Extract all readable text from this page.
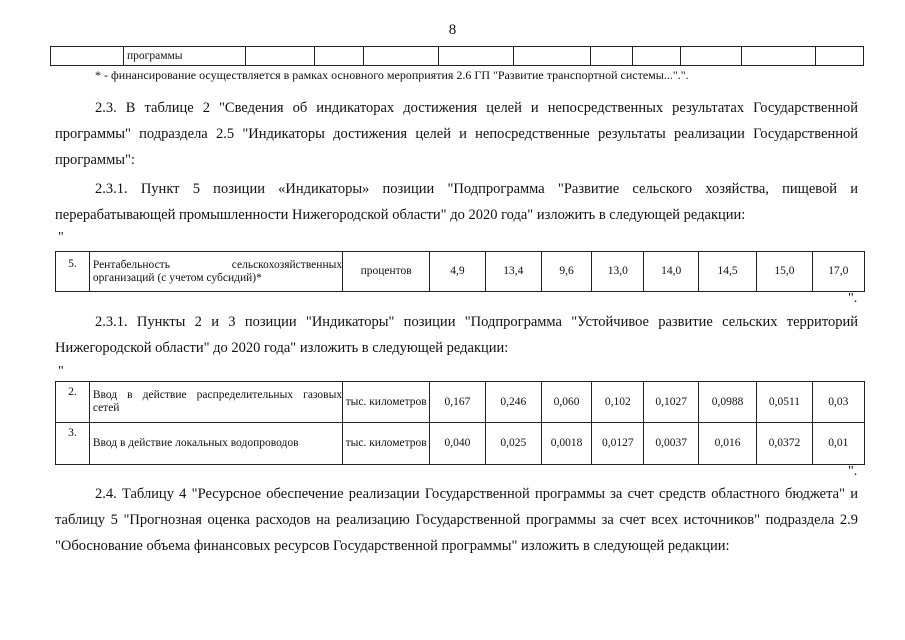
8
	программы										
* - финансирование осуществляется в рамках основного мероприятия 2.6 ГП "Развитие транспортной системы...".".
2.3. В таблице 2 "Сведения об индикаторах достижения целей и непосредственных результатах Государственной программы" подраздела 2.5 "Индикаторы достижения целей и непосредственные результаты реализации Государственной программы":
2.3.1. Пункт 5 позиции «Индикаторы» позиции "Подпрограмма "Развитие сельского хозяйства, пищевой и перерабатывающей промышленности Нижегородской области" до 2020 года" изложить в следующей редакции:
"
5.	Рентабельность сельскохозяйственных организаций (с учетом субсидий)*	процентов	4,9	13,4	9,6	13,0	14,0	14,5	15,0	17,0
".
2.3.1. Пункты 2 и 3 позиции "Индикаторы" позиции "Подпрограмма "Устойчивое развитие сельских территорий Нижегородской области" до 2020 года" изложить в следующей редакции:
"
2.	Ввод в действие распределительных газовых сетей	тыс. километров	0,167	0,246	0,060	0,102	0,1027	0,0988	0,0511	0,03
3.	Ввод в действие локальных водопроводов	тыс. километров	0,040	0,025	0,0018	0,0127	0,0037	0,016	0,0372	0,01
".
2.4. Таблицу 4 "Ресурсное обеспечение реализации Государственной программы за счет средств областного бюджета" и таблицу 5 "Прогнозная оценка расходов на реализацию Государственной программы за счет всех источников" подраздела 2.9 "Обоснование объема финансовых ресурсов Государственной программы" изложить в следующей редакции:
